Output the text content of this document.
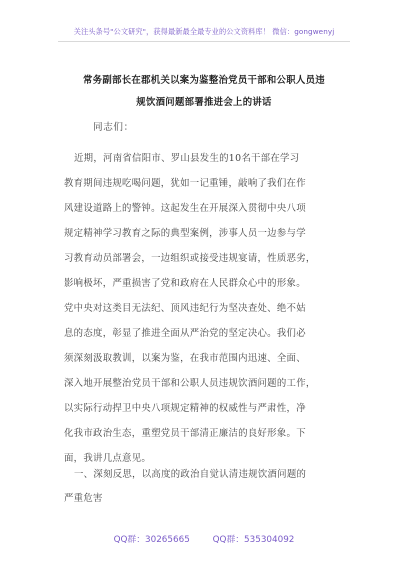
关注头条号"公文研究"，获得最新最全最专业的公文资料库！ 微信：gongwenyj
常务副部长在郡机关以案为鉴整治党员干部和公职人员违
规饮酒问题部署推进会上的讲话
同志们：
近期，河南省信阳市、罗山县发生的10名干部在学习
教育期间违规吃喝问题，犹如一记重锤，敲响了我们在作
风建设道路上的警钟。这起发生在开展深入贯彻中央八项
规定精神学习教育之际的典型案例，涉事人员一边参与学
习教育动员部署会，一边组织或接受违规宴请，性质恶劣，
影响极坏，严重损害了党和政府在人民群众心中的形象。
党中央对这类目无法纪、顶风违纪行为坚决查处、绝不姑
息的态度，彰显了推进全面从严治党的坚定决心。我们必
须深刻汲取教训，以案为鉴，在我市范围内迅速、全面、
深入地开展整治党员干部和公职人员违规饮酒问题的工作，
以实际行动捍卫中央八项规定精神的权威性与严肃性，净
化我市政治生态，重塑党员干部清正廉洁的良好形象。下
面，我讲几点意见。
一、深刻反思，以高度的政治自觉认清违规饮酒问题的
严重危害
QQ群：30265665	QQ群：535304092
